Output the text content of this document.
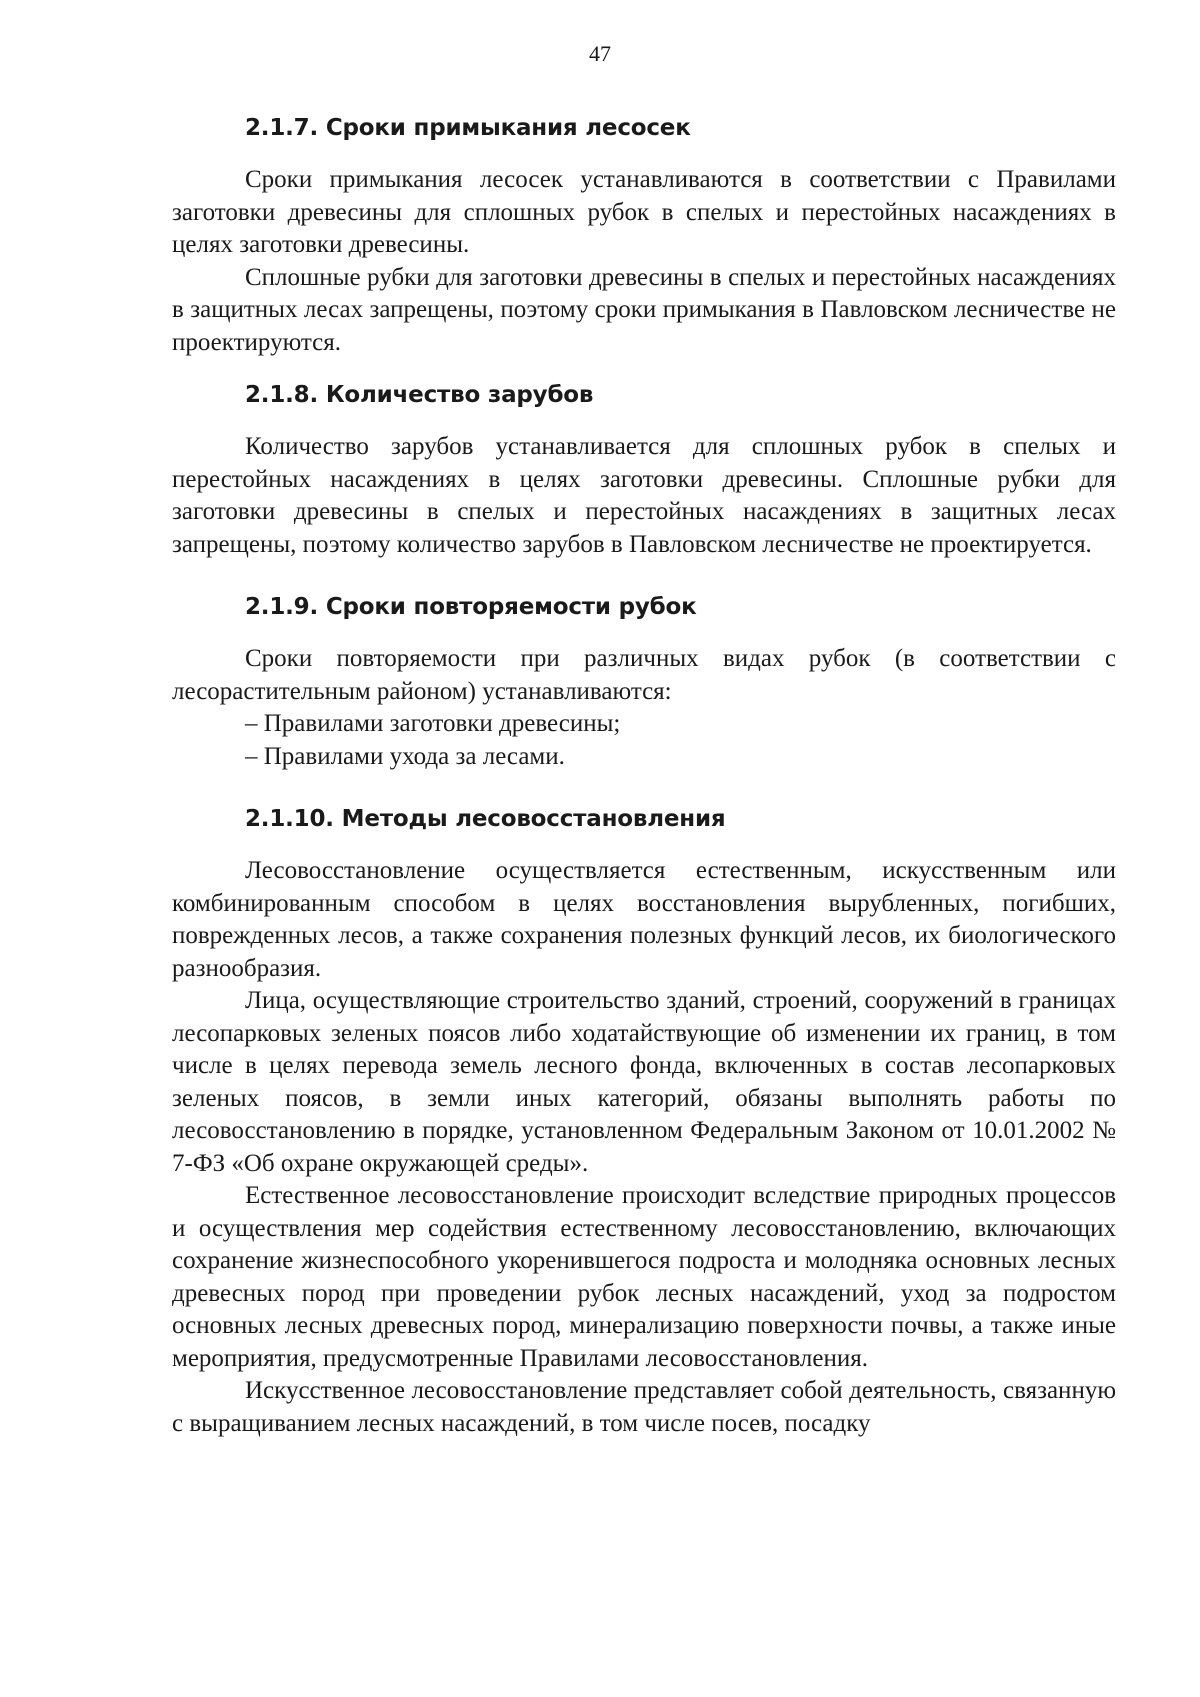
47
2.1.7. Сроки примыкания лесосек

Сроки примыкания лесосек устанавливаются в соответствии с Правилами заготовки древесины для сплошных рубок в спелых и перестойных насаждениях в целях заготовки древесины.

Сплошные рубки для заготовки древесины в спелых и перестойных насаждениях в защитных лесах запрещены, поэтому сроки примыкания в Павловском лесничестве не проектируются.

2.1.8. Количество зарубов

Количество зарубов устанавливается для сплошных рубок в спелых и перестойных насаждениях в целях заготовки древесины. Сплошные рубки для заготовки древесины в спелых и перестойных насаждениях в защитных лесах запрещены, поэтому количество зарубов в Павловском лесничестве не проектируется.

2.1.9. Сроки повторяемости рубок

Сроки повторяемости при различных видах рубок (в соответствии с лесорастительным районом) устанавливаются:

– Правилами заготовки древесины;

– Правилами ухода за лесами.

2.1.10. Методы лесовосстановления

Лесовосстановление осуществляется естественным, искусственным или комбинированным способом в целях восстановления вырубленных, погибших, поврежденных лесов, а также сохранения полезных функций лесов, их биологического разнообразия.

Лица, осуществляющие строительство зданий, строений, сооружений в границах лесопарковых зеленых поясов либо ходатайствующие об изменении их границ, в том числе в целях перевода земель лесного фонда, включенных в состав лесопарковых зеленых поясов, в земли иных категорий, обязаны выполнять работы по лесовосстановлению в порядке, установленном Федеральным Законом от 10.01.2002 № 7-ФЗ «Об охране окружающей среды».

Естественное лесовосстановление происходит вследствие природных процессов и осуществления мер содействия естественному лесовосстановлению, включающих сохранение жизнеспособного укоренившегося подроста и молодняка основных лесных древесных пород при проведении рубок лесных насаждений, уход за подростом основных лесных древесных пород, минерализацию поверхности почвы, а также иные мероприятия, предусмотренные Правилами лесовосстановления.

Искусственное лесовосстановление представляет собой деятельность, связанную с выращиванием лесных насаждений, в том числе посев, посадку
